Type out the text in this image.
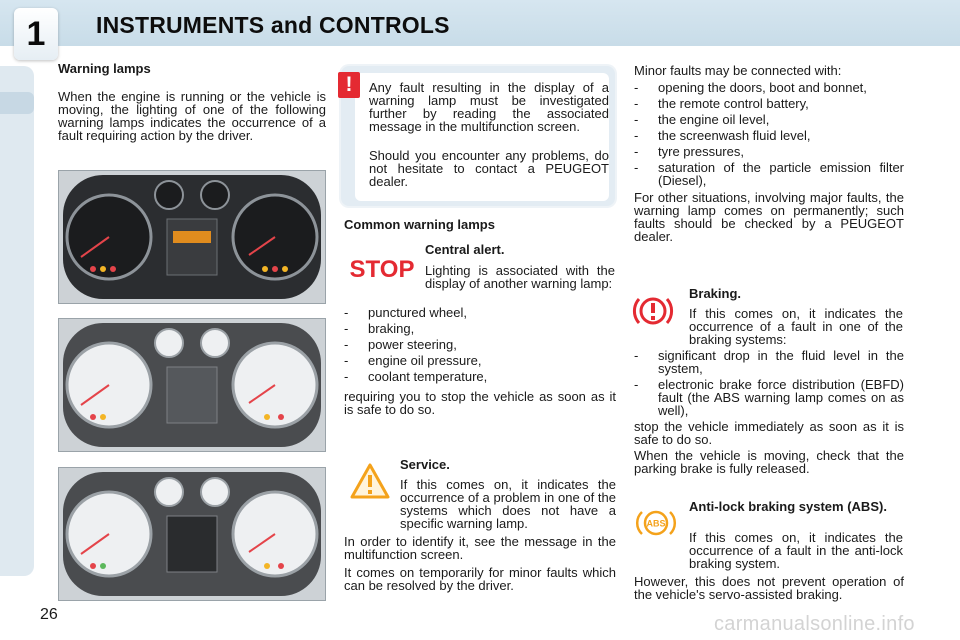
1	INSTRUMENTS and CONTROLS

Warning lamps

When the engine is running or the vehicle is moving, the lighting of one of the following warning lamps indicates the occurrence of a fault requiring action by the driver.

!	Any fault resulting in the display of a warning lamp must be investigated further by reading the associated message in the multifunction screen.

Should you encounter any problems, do not hesitate to contact a PEUGEOT dealer.

Common warning lamps

STOP

Central alert.

Lighting is associated with the display of another warning lamp:

- punctured wheel,
- braking,
- power steering,
- engine oil pressure,
- coolant temperature,

requiring you to stop the vehicle as soon as it is safe to do so.

Service.

If this comes on, it indicates the occurrence of a problem in one of the systems which does not have a specific warning lamp.

In order to identify it, see the message in the multifunction screen.

It comes on temporarily for minor faults which can be resolved by the driver.

Minor faults may be connected with:

- opening the doors, boot and bonnet,
- the remote control battery,
- the engine oil level,
- the screenwash fluid level,
- tyre pressures,
- saturation of the particle emission filter (Diesel),

For other situations, involving major faults, the warning lamp comes on permanently; such faults should be checked by a PEUGEOT dealer.

Braking.

If this comes on, it indicates the occurrence of a fault in one of the braking systems:

- significant drop in the fluid level in the system,
- electronic brake force distribution (EBFD) fault (the ABS warning lamp comes on as well),

stop the vehicle immediately as soon as it is safe to do so.

When the vehicle is moving, check that the parking brake is fully released.

ABS

Anti-lock braking system (ABS).

If this comes on, it indicates the occurrence of a fault in the anti-lock braking system.

However, this does not prevent operation of the vehicle's servo-assisted braking.

26	carmanualsonline.info
